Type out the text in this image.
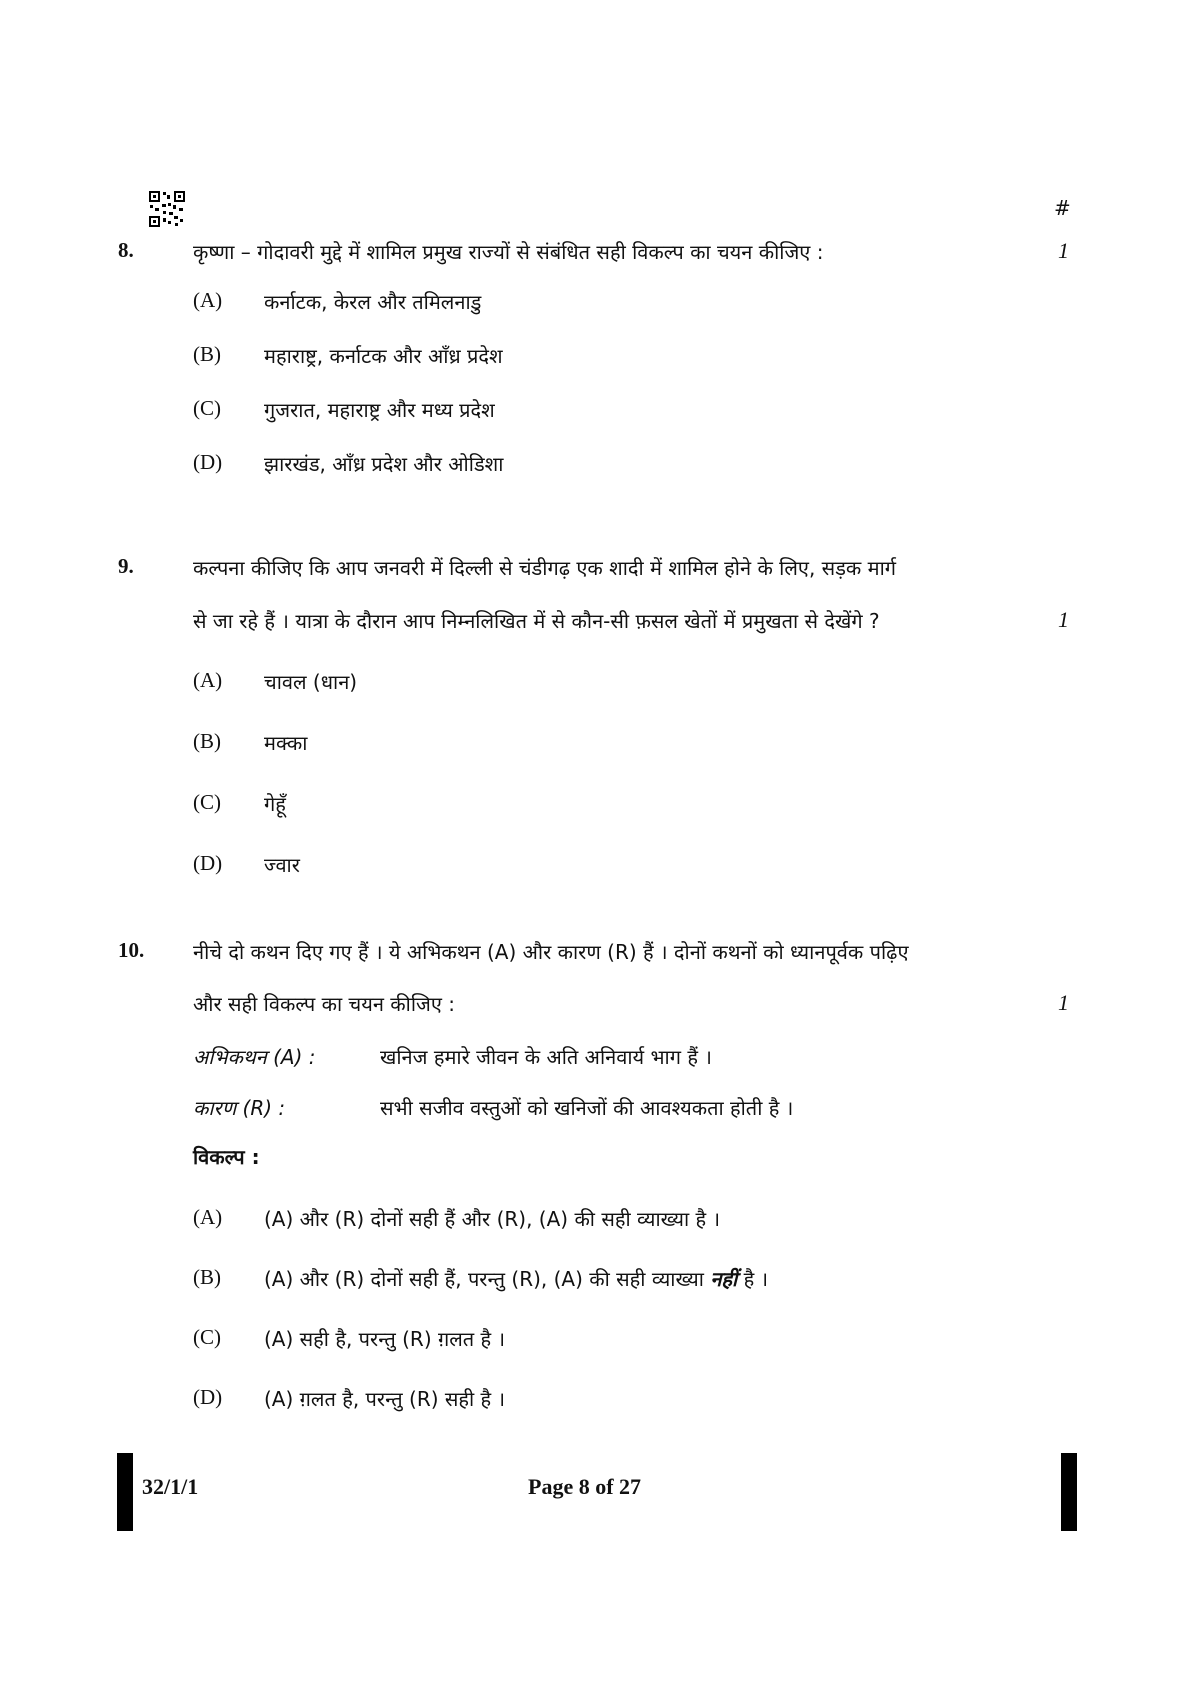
#
8.	कृष्णा – गोदावरी मुद्दे में शामिल प्रमुख राज्यों से संबंधित सही विकल्प का चयन कीजिए :	1
(A) कर्नाटक, केरल और तमिलनाडु
(B) महाराष्ट्र, कर्नाटक और आँध्र प्रदेश
(C) गुजरात, महाराष्ट्र और मध्य प्रदेश
(D) झारखंड, आँध्र प्रदेश और ओडिशा
9.	कल्पना कीजिए कि आप जनवरी में दिल्ली से चंडीगढ़ एक शादी में शामिल होने के लिए, सड़क मार्ग
से जा रहे हैं । यात्रा के दौरान आप निम्नलिखित में से कौन-सी फ़सल खेतों में प्रमुखता से देखेंगे ?	1
(A) चावल (धान)
(B) मक्का
(C) गेहूँ
(D) ज्वार
10. नीचे दो कथन दिए गए हैं । ये अभिकथन (A) और कारण (R) हैं । दोनों कथनों को ध्यानपूर्वक पढ़िए
और सही विकल्प का चयन कीजिए :	1
अभिकथन (A) :	खनिज हमारे जीवन के अति अनिवार्य भाग हैं ।
कारण (R) :	सभी सजीव वस्तुओं को खनिजों की आवश्यकता होती है ।
विकल्प :
(A) (A) और (R) दोनों सही हैं और (R), (A) की सही व्याख्या है ।
(B) (A) और (R) दोनों सही हैं, परन्तु (R), (A) की सही व्याख्या नहीं है ।
(C) (A) सही है, परन्तु (R) ग़लत है ।
(D) (A) ग़लत है, परन्तु (R) सही है ।
32/1/1	Page 8 of 27
